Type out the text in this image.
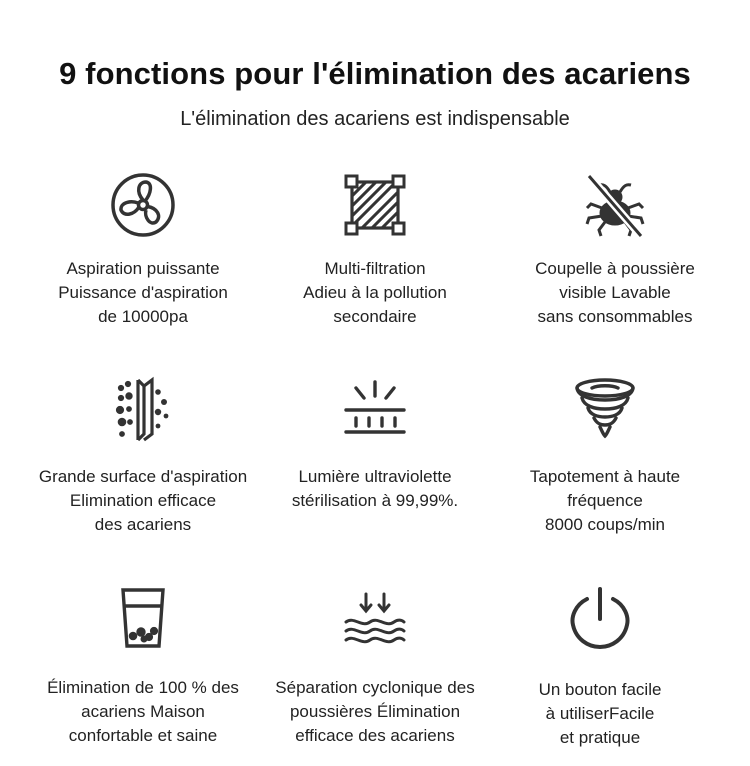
9 fonctions pour l'élimination des acariens
L'élimination des acariens est indispensable
Aspiration puissante
Puissance d'aspiration
de 10000pa
Multi-filtration
Adieu à la pollution
secondaire
Coupelle à poussière
visible Lavable
sans consommables
Grande surface d'aspiration
Elimination efficace
des acariens
Lumière ultraviolette
stérilisation à 99,99%.
Tapotement à haute
fréquence
8000 coups/min
Élimination de 100 % des
acariens Maison
confortable et saine
Séparation cyclonique des
poussières Élimination
efficace des acariens
Un bouton facile
à utiliserFacile
et pratique
